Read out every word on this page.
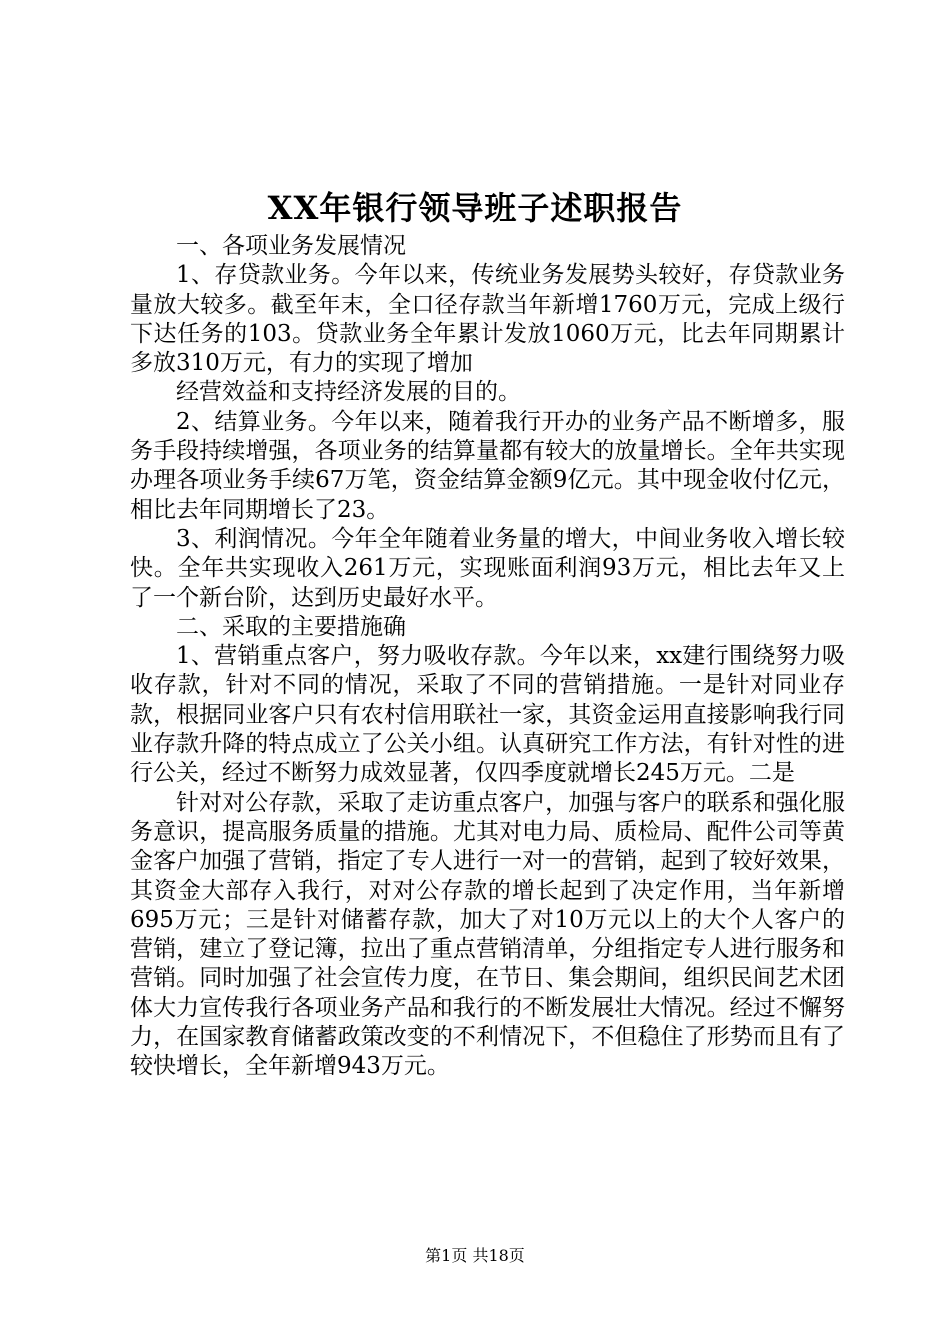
XX年银行领导班子述职报告

一、各项业务发展情况

1、存贷款业务。今年以来，传统业务发展势头较好，存贷款业务量放大较多。截至年末，全口径存款当年新增1760万元，完成上级行下达任务的103。贷款业务全年累计发放1060万元，比去年同期累计多放310万元，有力的实现了增加

经营效益和支持经济发展的目的。

2、结算业务。今年以来，随着我行开办的业务产品不断增多，服务手段持续增强，各项业务的结算量都有较大的放量增长。全年共实现办理各项业务手续67万笔，资金结算金额9亿元。其中现金收付亿元，相比去年同期增长了23。

3、利润情况。今年全年随着业务量的增大，中间业务收入增长较快。全年共实现收入261万元，实现账面利润93万元，相比去年又上了一个新台阶，达到历史最好水平。

二、采取的主要措施确

1、营销重点客户，努力吸收存款。今年以来，xx建行围绕努力吸收存款，针对不同的情况，采取了不同的营销措施。一是针对同业存款，根据同业客户只有农村信用联社一家，其资金运用直接影响我行同业存款升降的特点成立了公关小组。认真研究工作方法，有针对性的进行公关，经过不断努力成效显著，仅四季度就增长245万元。二是

针对对公存款，采取了走访重点客户，加强与客户的联系和强化服务意识，提高服务质量的措施。尤其对电力局、质检局、配件公司等黄金客户加强了营销，指定了专人进行一对一的营销，起到了较好效果，其资金大部存入我行，对对公存款的增长起到了决定作用，当年新增695万元；三是针对储蓄存款，加大了对10万元以上的大个人客户的营销，建立了登记簿，拉出了重点营销清单，分组指定专人进行服务和营销。同时加强了社会宣传力度，在节日、集会期间，组织民间艺术团体大力宣传我行各项业务产品和我行的不断发展壮大情况。经过不懈努力，在国家教育储蓄政策改变的不利情况下，不但稳住了形势而且有了较快增长，全年新增943万元。

第1页 共18页
